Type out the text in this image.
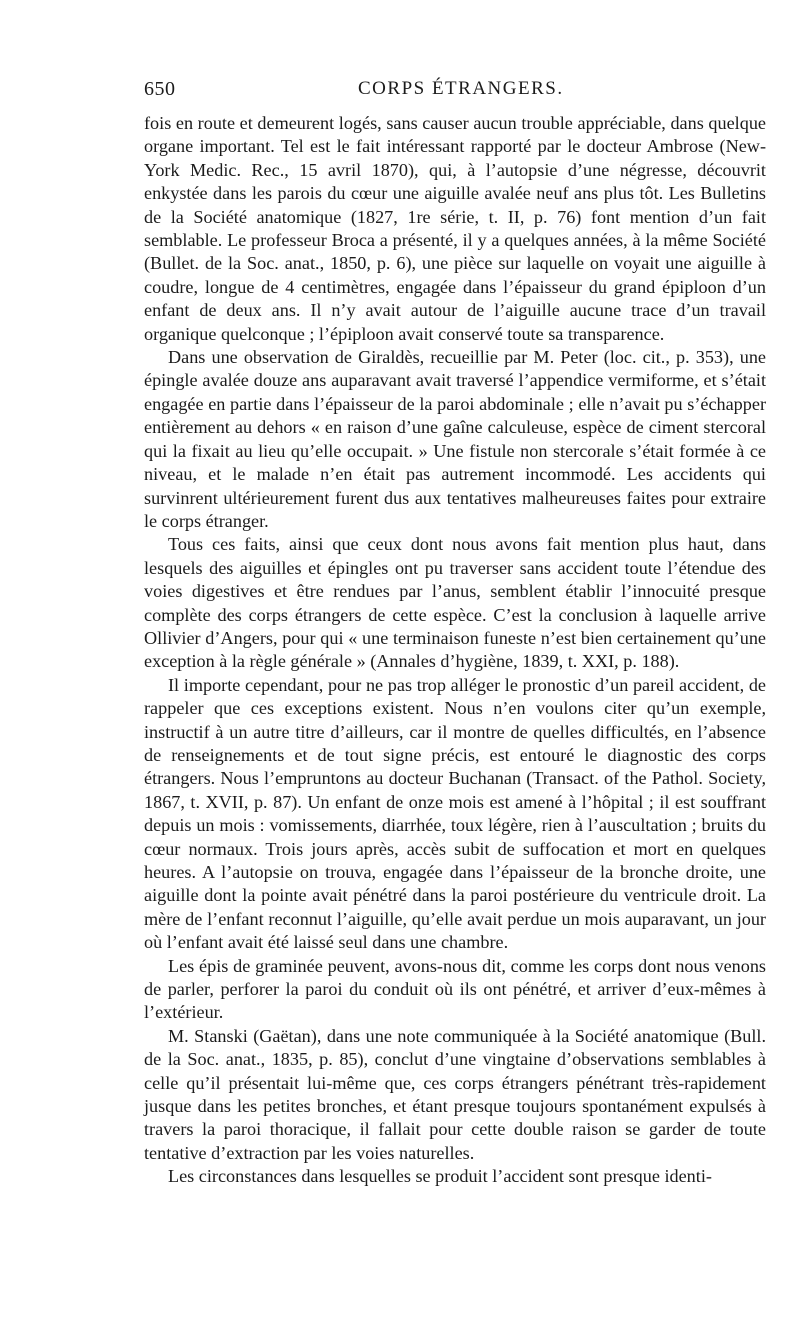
650	CORPS ÉTRANGERS.

fois en route et demeurent logés, sans causer aucun trouble appréciable, dans quelque organe important. Tel est le fait intéressant rapporté par le docteur Ambrose (New-York Medic. Rec., 15 avril 1870), qui, à l’autopsie d’une négresse, découvrit enkystée dans les parois du cœur une aiguille avalée neuf ans plus tôt. Les Bulletins de la Société anatomique (1827, 1re série, t. II, p. 76) font mention d’un fait semblable. Le professeur Broca a présenté, il y a quelques années, à la même Société (Bullet. de la Soc. anat., 1850, p. 6), une pièce sur laquelle on voyait une aiguille à coudre, longue de 4 centimètres, engagée dans l’épaisseur du grand épiploon d’un enfant de deux ans. Il n’y avait autour de l’aiguille aucune trace d’un travail organique quelconque ; l’épiploon avait conservé toute sa transparence.

Dans une observation de Giraldès, recueillie par M. Peter (loc. cit., p. 353), une épingle avalée douze ans auparavant avait traversé l’appendice vermiforme, et s’était engagée en partie dans l’épaisseur de la paroi abdominale ; elle n’avait pu s’échapper entièrement au dehors « en raison d’une gaîne calculeuse, espèce de ciment stercoral qui la fixait au lieu qu’elle occupait. » Une fistule non stercorale s’était formée à ce niveau, et le malade n’en était pas autrement incommodé. Les accidents qui survinrent ultérieurement furent dus aux tentatives malheureuses faites pour extraire le corps étranger.

Tous ces faits, ainsi que ceux dont nous avons fait mention plus haut, dans lesquels des aiguilles et épingles ont pu traverser sans accident toute l’étendue des voies digestives et être rendues par l’anus, semblent établir l’innocuité presque complète des corps étrangers de cette espèce. C’est la conclusion à laquelle arrive Ollivier d’Angers, pour qui « une terminaison funeste n’est bien certainement qu’une exception à la règle générale » (Annales d’hygiène, 1839, t. XXI, p. 188).

Il importe cependant, pour ne pas trop alléger le pronostic d’un pareil accident, de rappeler que ces exceptions existent. Nous n’en voulons citer qu’un exemple, instructif à un autre titre d’ailleurs, car il montre de quelles difficultés, en l’absence de renseignements et de tout signe précis, est entouré le diagnostic des corps étrangers. Nous l’empruntons au docteur Buchanan (Transact. of the Pathol. Society, 1867, t. XVII, p. 87). Un enfant de onze mois est amené à l’hôpital ; il est souffrant depuis un mois : vomissements, diarrhée, toux légère, rien à l’auscultation ; bruits du cœur normaux. Trois jours après, accès subit de suffocation et mort en quelques heures. A l’autopsie on trouva, engagée dans l’épaisseur de la bronche droite, une aiguille dont la pointe avait pénétré dans la paroi postérieure du ventricule droit. La mère de l’enfant reconnut l’aiguille, qu’elle avait perdue un mois auparavant, un jour où l’enfant avait été laissé seul dans une chambre.

Les épis de graminée peuvent, avons-nous dit, comme les corps dont nous venons de parler, perforer la paroi du conduit où ils ont pénétré, et arriver d’eux-mêmes à l’extérieur.

M. Stanski (Gaëtan), dans une note communiquée à la Société anatomique (Bull. de la Soc. anat., 1835, p. 85), conclut d’une vingtaine d’observations semblables à celle qu’il présentait lui-même que, ces corps étrangers pénétrant très-rapidement jusque dans les petites bronches, et étant presque toujours spontanément expulsés à travers la paroi thoracique, il fallait pour cette double raison se garder de toute tentative d’extraction par les voies naturelles.

Les circonstances dans lesquelles se produit l’accident sont presque identi-
